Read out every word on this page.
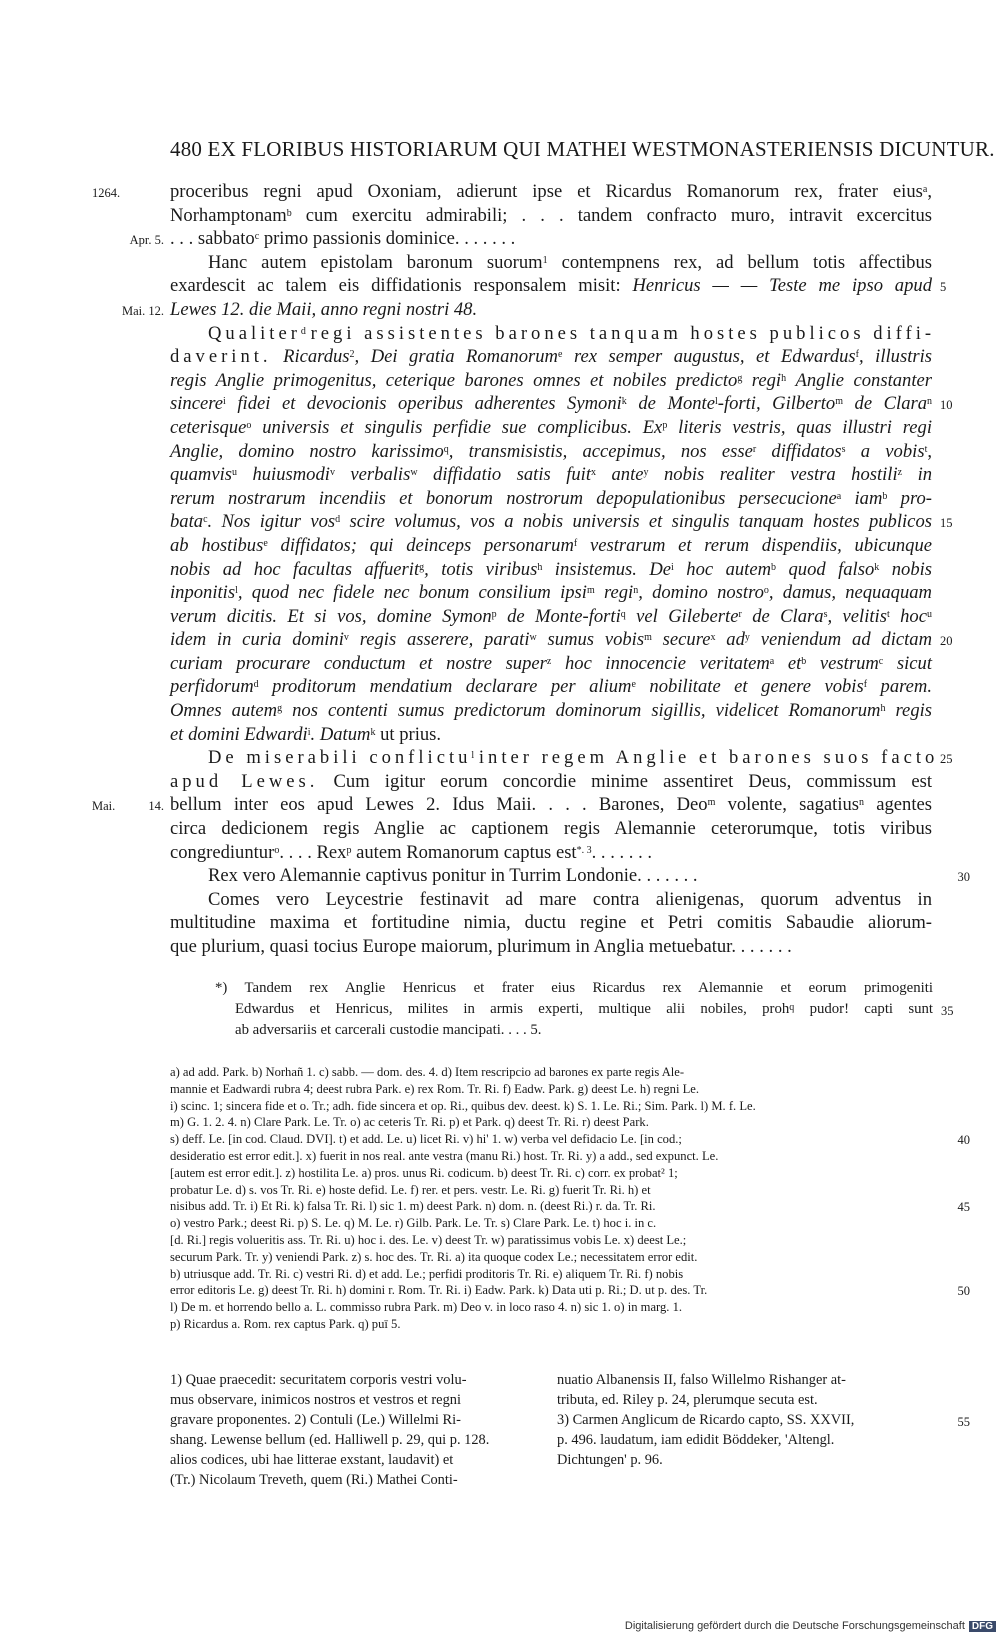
480 EX FLORIBUS HISTORIARUM QUI MATHEI WESTMONASTERIENSIS DICUNTUR.
1264.	proceribus regni apud Oxoniam, adierunt ipse et Ricardus Romanorum rex, frater eius$^a$,
Norhamptonam$^b$ cum exercitu admirabili; . . . tandem confracto muro, intravit excercitus
Apr. 5. . . . sabbato$^c$ primo passionis dominice. . . . . . .
Hanc autem epistolam baronum suorum$^1$ contempnens rex, ad bellum totis affectibus
exardescit ac talem eis diffidationis responsalem misit: Henricus — — Teste me ipso apud 5
Mai. 12. Lewes 12. die Maii, anno regni nostri 48.
Qualiter$^d$ regi assistentes barones tanquam hostes publicos diffi-
daverint. Ricardus$^2$, Dei gratia Romanorum$^e$ rex semper augustus, et Edwardus$^f$, illustris
regis Anglie primogenitus, ceterique barones omnes et nobiles predicto$^g$ regi$^h$ Anglie constanter
sincere$^i$ fidei et devocionis operibus adherentes Symoni$^k$ de Monte$^l$-forti, Gilberto$^m$ de Clara$^n$ 10
ceterisque$^o$ universis et singulis perfidie sue complicibus. Ex$^p$ literis vestris, quas illustri regi
Anglie, domino nostro karissimo$^q$, transmisistis, accepimus, nos esse$^r$ diffidatos$^s$ a vobis$^t$,
quamvis$^u$ huiusmodi$^v$ verbalis$^w$ diffidatio satis fuit$^x$ ante$^y$ nobis realiter vestra hostili$^z$ in
rerum nostrarum incendiis et bonorum nostrorum depopulationibus persecucione$^a$ iam$^b$ pro-
bata$^c$. Nos igitur vos$^d$ scire volumus, vos a nobis universis et singulis tanquam hostes publicos 15
ab hostibus$^e$ diffidatos; qui deinceps personarum$^f$ vestrarum et rerum dispendiis, ubicunque
nobis ad hoc facultas affuerit$^g$, totis viribus$^h$ insistemus. De$^i$ hoc autem$^b$ quod falso$^k$ nobis
inponitis$^l$, quod nec fidele nec bonum consilium ipsi$^m$ regi$^n$, domino nostro$^o$, damus, nequaquam
verum dicitis. Et si vos, domine Symon$^p$ de Monte-forti$^q$ vel Gileberte$^r$ de Clara$^s$, velitis$^t$ hoc$^u$
idem in curia domini$^v$ regis asserere, parati$^w$ sumus vobis$^m$ secure$^x$ $ad^y$ veniendum ad dictam 20
curiam procurare conductum et nostre super$^z$ hoc innocencie veritatem$^a$ $et^b$ vestrum$^c$ sicut
perfidorum$^d$ proditorum mendatium declarare per alium$^e$ nobilitate et genere vobis$^f$ parem.
Omnes autem$^g$ nos contenti sumus predictorum dominorum sigillis, videlicet Romanorum$^h$ regis
et domini Edwardi$^i$. Datum$^k$ ut prius.
De miserabili conflictu$^l$ inter regem Anglie et barones suos facto 25
apud Lewes. Cum igitur eorum concordie minime assentiret Deus, commissum est
Mai. 14. bellum inter eos apud Lewes 2. Idus Maii. . . . Barones, Deo$^m$ volente, sagatius$^n$ agentes
circa dedicionem regis Anglie ac captionem regis Alemannie ceterorumque, totis viribus
congrediuntur$^o$. . . . Rex$^p$ autem Romanorum captus est$^{*. 3}$. . . . . . .
Rex vero Alemannie captivus ponitur in Turrim Londonie. . . . . . .	30
Comes vero Leycestrie festinavit ad mare contra alienigenas, quorum adventus in
multitudine maxima et fortitudine nimia, ductu regine et Petri comitis Sabaudie aliorum-
que plurium, quasi tocius Europe maiorum, plurimum in Anglia metuebatur. . . . . . .
*) Tandem rex Anglie Henricus et frater eius Ricardus rex Alemannie et eorum primogeniti
Edwardus et Henricus, milites in armis experti, multique alii nobiles, proh$^q$ pudor! capti sunt 35
ab adversariis et carcerali custodie mancipati. . . . 5.
a) ad add. Park. b) Norhañ 1. c) sabb. — dom. des. 4. d) Item rescripcio ad barones ex parte regis Ale-
mannie et Eadwardi rubra 4; deest rubra Park. e) rex Rom. Tr. Ri. f) Eadw. Park. g) deest Le. h) regni Le.
i) scinc. 1; sincera fide et o. Tr.; adh. fide sincera et op. Ri., quibus dev. deest. k) S. 1. Le. Ri.; Sim. Park. l) M. f. Le.
m) G. 1. 2. 4. n) Clare Park. Le. Tr. o) ac ceteris Tr. Ri. p) et Park. q) deest Tr. Ri. r) deest Park.
s) deff. Le. [in cod. Claud. DVI]. t) et add. Le. u) licet Ri. v) hi' 1. w) verba vel defidacio Le. [in cod.;	40
desideratio est error edit.]. x) fuerit in nos real. ante vestra (manu Ri.) host. Tr. Ri. y) a add., sed expunct. Le.
[autem est error edit.]. z) hostilita Le. a) pros. unus Ri. codicum. b) deest Tr. Ri. c) corr. ex probat² 1;
probatur Le. d) s. vos Tr. Ri. e) hoste defid. Le. f) rer. et pers. vestr. Le. Ri. g) fuerit Tr. Ri. h) et
nisibus add. Tr. i) Et Ri. k) falsa Tr. Ri. l) sic 1. m) deest Park. n) dom. n. (deest Ri.) r. da. Tr. Ri.	45
o) vestro Park.; deest Ri. p) S. Le. q) M. Le. r) Gilb. Park. Le. Tr. s) Clare Park. Le. t) hoc i. in c.
[d. Ri.] regis volueritis ass. Tr. Ri. u) hoc i. des. Le. v) deest Tr. w) paratissimus vobis Le. x) deest Le.;
securum Park. Tr. y) veniendi Park. z) s. hoc des. Tr. Ri. a) ita quoque codex Le.; necessitatem error edit.
b) utriusque add. Tr. Ri. c) vestri Ri. d) et add. Le.; perfidi proditoris Tr. Ri. e) aliquem Tr. Ri. f) nobis
error editoris Le. g) deest Tr. Ri. h) domini r. Rom. Tr. Ri. i) Eadw. Park. k) Data uti p. Ri.; D. ut p. des. Tr.	50
l) De m. et horrendo bello a. L. commisso rubra Park. m) Deo v. in loco raso 4. n) sic 1. o) in marg. 1.
p) Ricardus a. Rom. rex captus Park. q) puī 5.
1) Quae praecedit: securitatem corporis vestri volu-
mus observare, inimicos nostros et vestros et regni
gravare proponentes. 2) Contuli (Le.) Willelmi Ri-
shang. Lewense bellum (ed. Halliwell p. 29, qui p. 128.
alios codices, ubi hae litterae exstant, laudavit) et
(Tr.) Nicolaum Treveth, quem (Ri.) Mathei Conti-
nuatio Albanensis II, falso Willelmo Rishanger at-
tributa, ed. Riley p. 24, plerumque secuta est.
3) Carmen Anglicum de Ricardo capto, SS. XXVII,	55
p. 496. laudatum, iam edidit Böddeker, 'Altengl.
Dichtungen' p. 96.
Digitalisierung gefördert durch die Deutsche Forschungsgemeinschaft DFG
